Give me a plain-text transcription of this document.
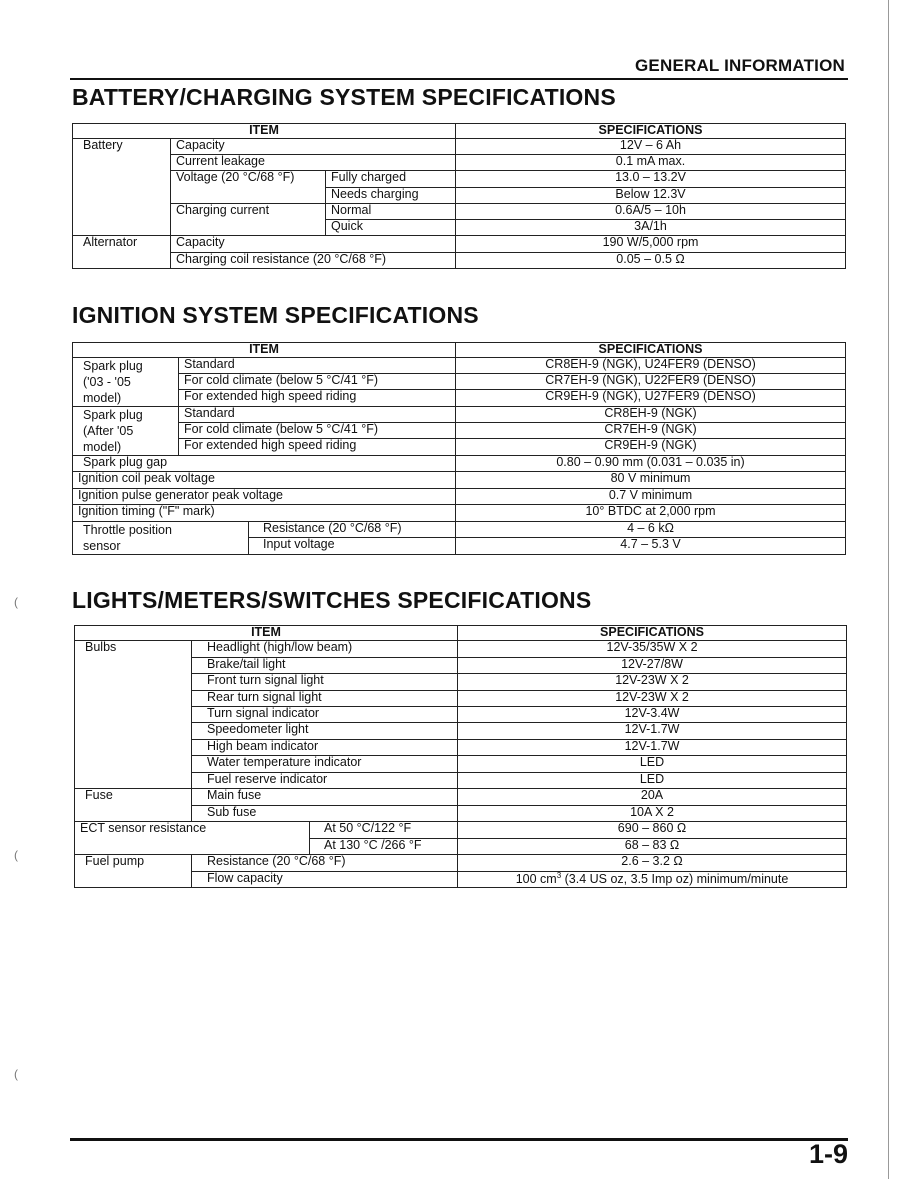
GENERAL INFORMATION
BATTERY/CHARGING SYSTEM SPECIFICATIONS
ITEM			SPECIFICATIONS
Battery	Capacity		12V – 6 Ah
	Current leakage		0.1 mA max.
	Voltage (20 °C/68 °F)	Fully charged	13.0 – 13.2V
		Needs charging	Below 12.3V
	Charging current	Normal	0.6A/5 – 10h
		Quick	3A/1h
Alternator	Capacity		190 W/5,000 rpm
	Charging coil resistance (20 °C/68 °F)		0.05 – 0.5 Ω
IGNITION SYSTEM SPECIFICATIONS
ITEM			SPECIFICATIONS
Spark plug
('03 - '05
model)	Standard		CR8EH-9 (NGK), U24FER9 (DENSO)
	For cold climate (below 5 °C/41 °F)		CR7EH-9 (NGK), U22FER9 (DENSO)
	For extended high speed riding		CR9EH-9 (NGK), U27FER9 (DENSO)
Spark plug
(After '05
model)	Standard		CR8EH-9 (NGK)
	For cold climate (below 5 °C/41 °F)		CR7EH-9 (NGK)
	For extended high speed riding		CR9EH-9 (NGK)
Spark plug gap			0.80 – 0.90 mm (0.031 – 0.035 in)
Ignition coil peak voltage			80 V minimum
Ignition pulse generator peak voltage			0.7 V minimum
Ignition timing ("F" mark)			10° BTDC at 2,000 rpm
Throttle position
sensor		Resistance (20 °C/68 °F)	4 – 6 kΩ
		Input voltage	4.7 – 5.3 V
LIGHTS/METERS/SWITCHES SPECIFICATIONS
ITEM			SPECIFICATIONS
Bulbs	Headlight (high/low beam)		12V-35/35W X 2
	Brake/tail light		12V-27/8W
	Front turn signal light		12V-23W X 2
	Rear turn signal light		12V-23W X 2
	Turn signal indicator		12V-3.4W
	Speedometer light		12V-1.7W
	High beam indicator		12V-1.7W
	Water temperature indicator		LED
	Fuel reserve indicator		LED
Fuse	Main fuse		20A
	Sub fuse		10A X 2
ECT sensor resistance		At 50 °C/122 °F	690 – 860 Ω
		At 130 °C /266 °F	68 – 83 Ω
Fuel pump	Resistance (20 °C/68 °F)		2.6 – 3.2 Ω
	Flow capacity		100 $cm^3$ (3.4 US oz, 3.5 Imp oz) minimum/minute
(
(
(
1-9
